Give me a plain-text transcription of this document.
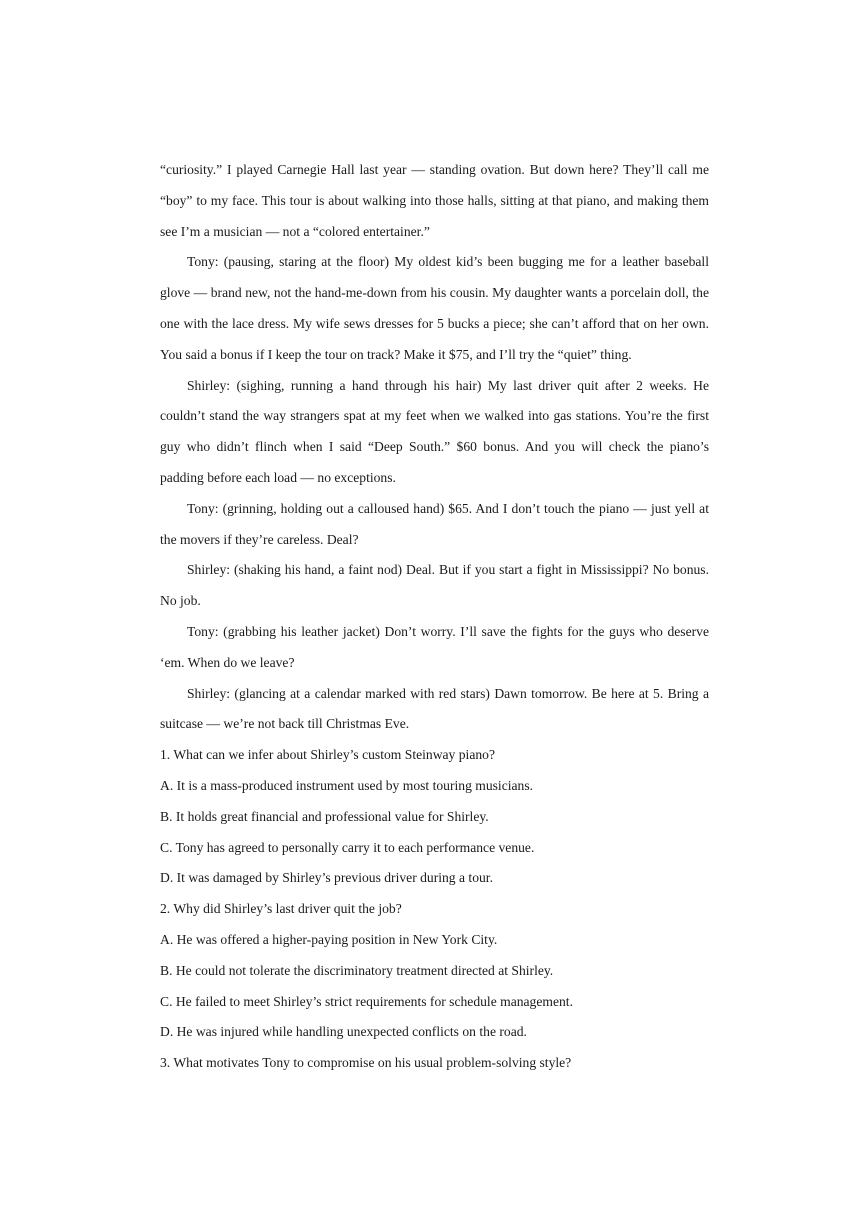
“curiosity.” I played Carnegie Hall last year — standing ovation. But down here? They’ll call me “boy” to my face. This tour is about walking into those halls, sitting at that piano, and making them see I’m a musician — not a “colored entertainer.”

Tony: (pausing, staring at the floor) My oldest kid’s been bugging me for a leather baseball glove — brand new, not the hand-me-down from his cousin. My daughter wants a porcelain doll, the one with the lace dress. My wife sews dresses for 5 bucks a piece; she can’t afford that on her own. You said a bonus if I keep the tour on track? Make it $75, and I’ll try the “quiet” thing.

Shirley: (sighing, running a hand through his hair) My last driver quit after 2 weeks. He couldn’t stand the way strangers spat at my feet when we walked into gas stations. You’re the first guy who didn’t flinch when I said “Deep South.” $60 bonus. And you will check the piano’s padding before each load — no exceptions.

Tony: (grinning, holding out a calloused hand) $65. And I don’t touch the piano — just yell at the movers if they’re careless. Deal?

Shirley: (shaking his hand, a faint nod) Deal. But if you start a fight in Mississippi? No bonus. No job.

Tony: (grabbing his leather jacket) Don’t worry. I’ll save the fights for the guys who deserve ‘em. When do we leave?

Shirley: (glancing at a calendar marked with red stars) Dawn tomorrow. Be here at 5. Bring a suitcase — we’re not back till Christmas Eve.

1. What can we infer about Shirley’s custom Steinway piano?

A. It is a mass-produced instrument used by most touring musicians.

B. It holds great financial and professional value for Shirley.

C. Tony has agreed to personally carry it to each performance venue.

D. It was damaged by Shirley’s previous driver during a tour.

2. Why did Shirley’s last driver quit the job?

A. He was offered a higher-paying position in New York City.

B. He could not tolerate the discriminatory treatment directed at Shirley.

C. He failed to meet Shirley’s strict requirements for schedule management.

D. He was injured while handling unexpected conflicts on the road.

3. What motivates Tony to compromise on his usual problem-solving style?
